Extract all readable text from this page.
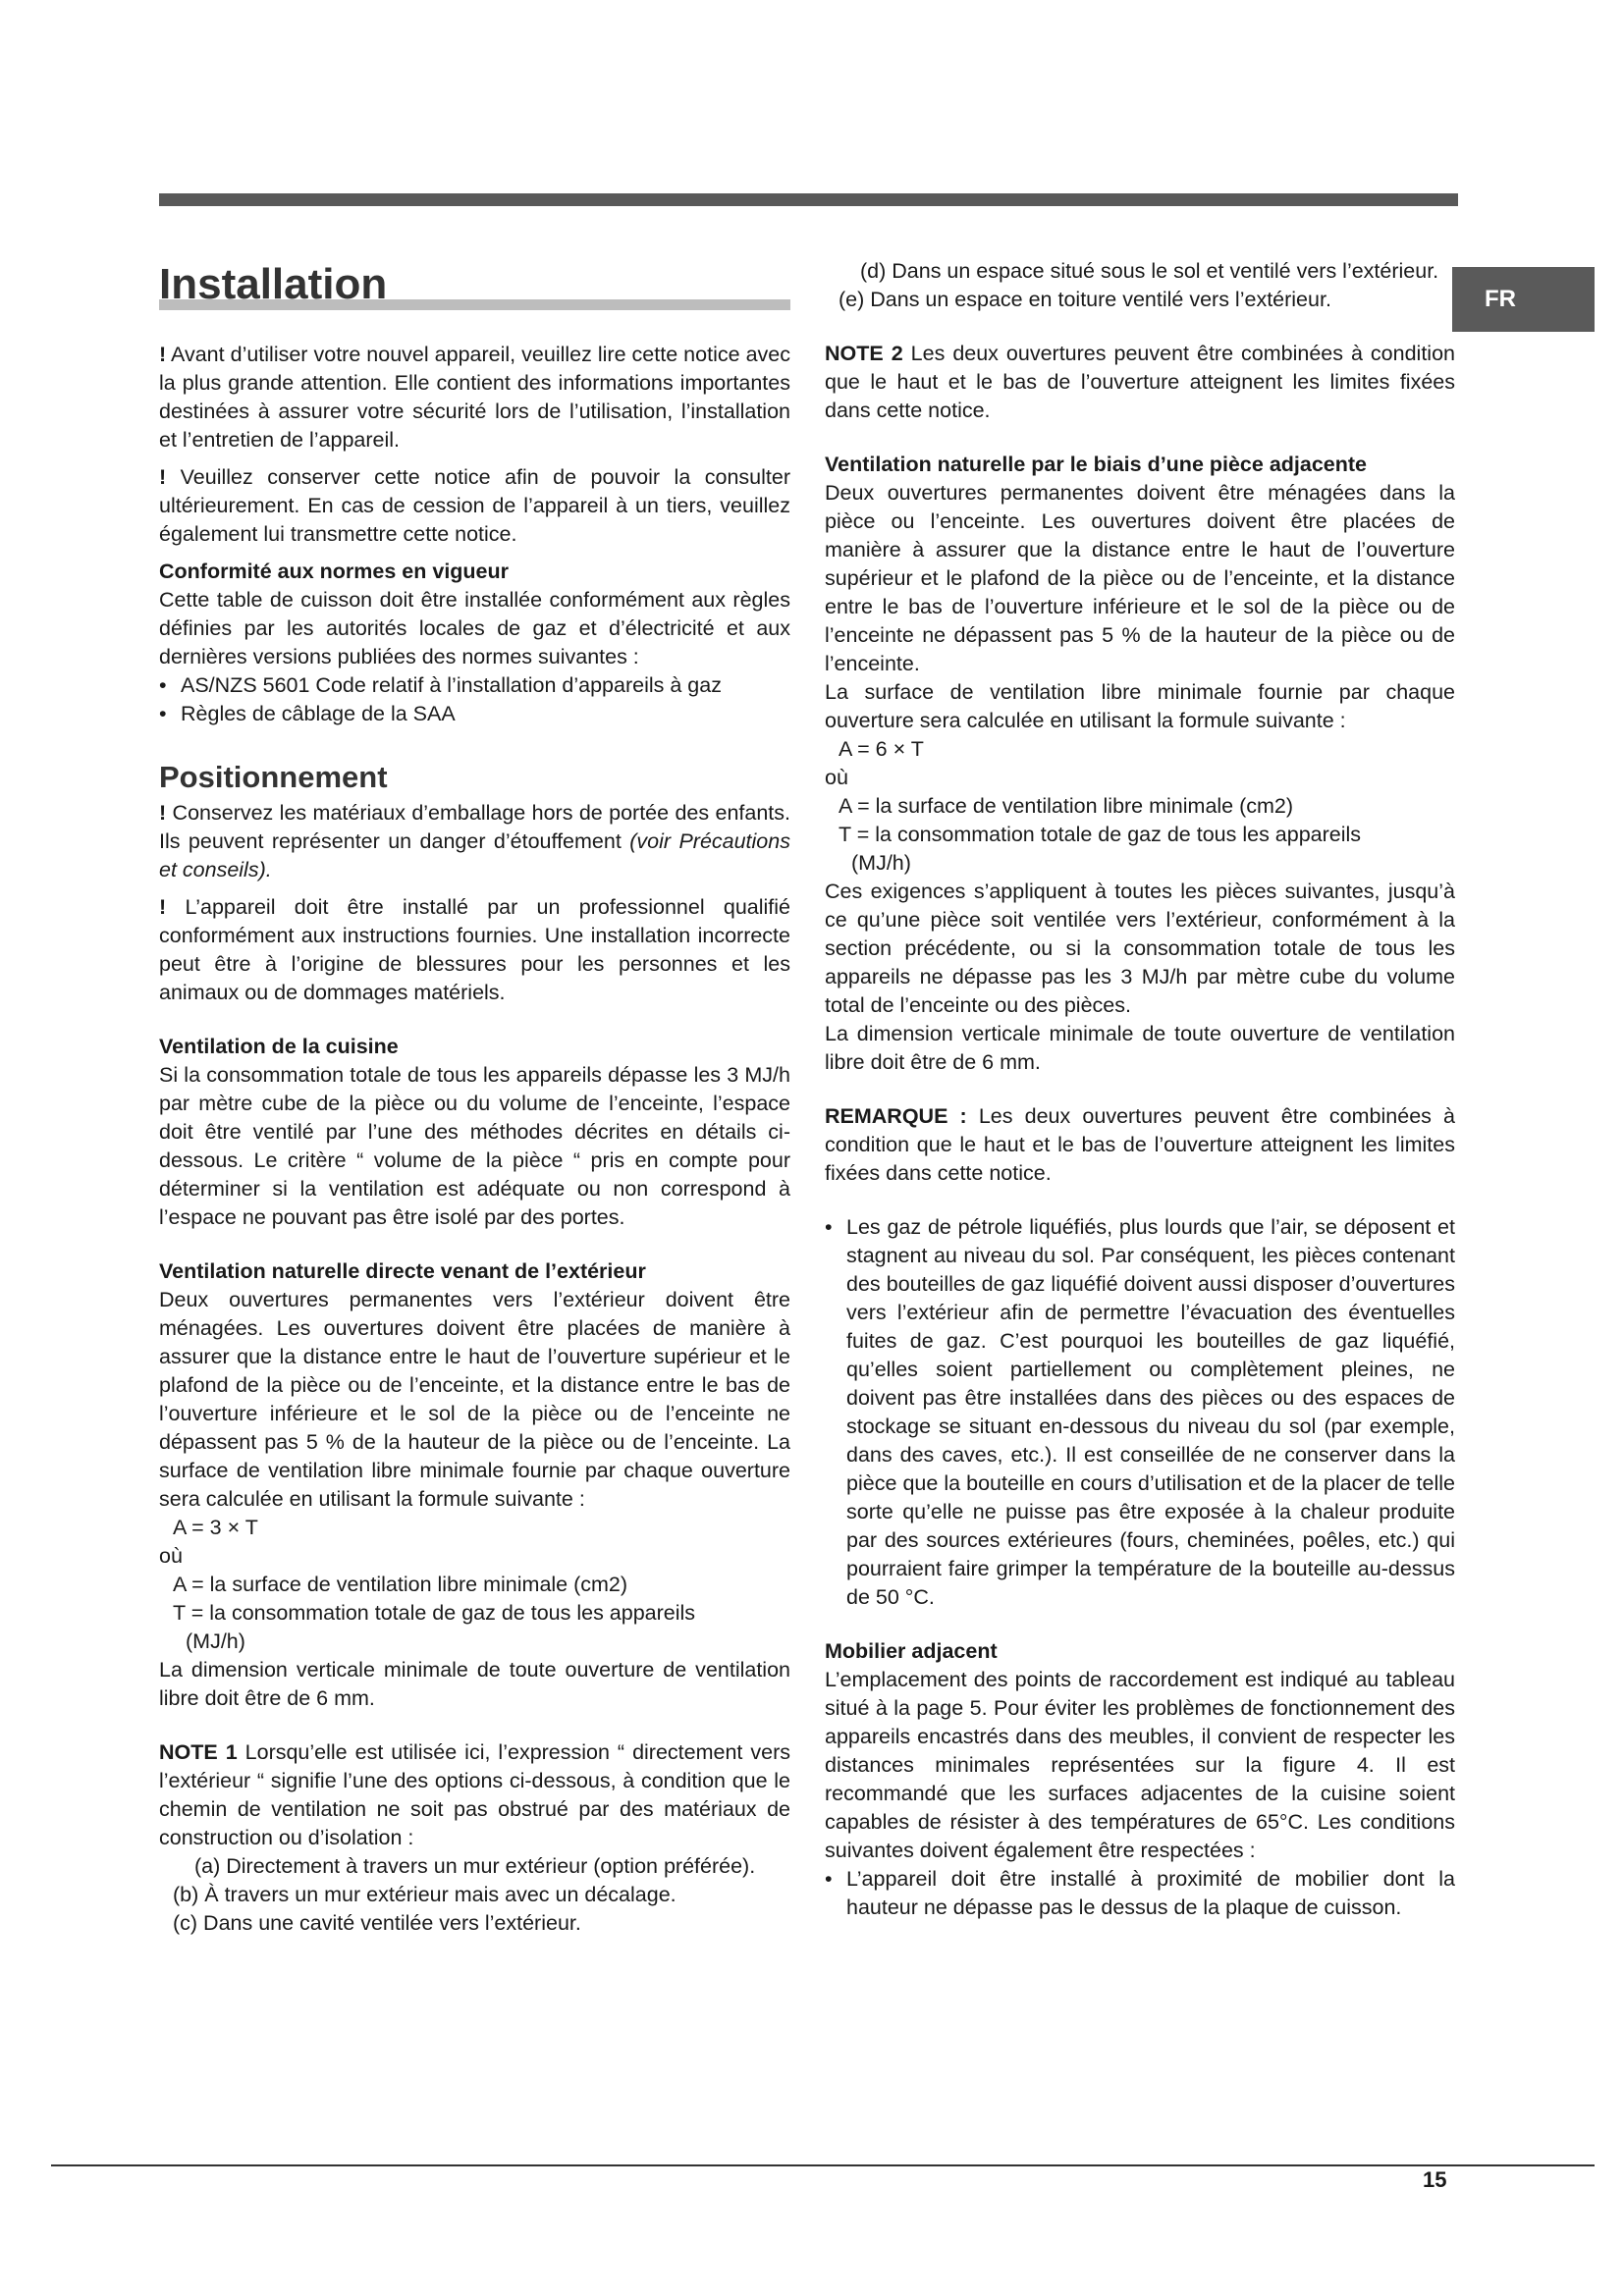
FR
Installation

! Avant d’utiliser votre nouvel appareil, veuillez lire cette notice avec la plus grande attention. Elle contient des informations importantes destinées à assurer votre sécurité lors de l’utilisation, l’installation et l’entretien de l’appareil.

! Veuillez conserver cette notice afin de pouvoir la consulter ultérieurement. En cas de cession de l’appareil à un tiers, veuillez également lui transmettre cette notice.

Conformité aux normes en vigueur

Cette table de cuisson doit être installée conformément aux règles définies par les autorités locales de gaz et d’électricité et aux dernières versions publiées des normes suivantes :

• AS/NZS 5601 Code relatif à l’installation d’appareils à gaz

• Règles de câblage de la SAA

Positionnement

! Conservez les matériaux d’emballage hors de portée des enfants. Ils peuvent représenter un danger d’étouffement (voir Précautions et conseils).

! L’appareil doit être installé par un professionnel qualifié conformément aux instructions fournies. Une installation incorrecte peut être à l’origine de blessures pour les personnes et les animaux ou de dommages matériels.

Ventilation de la cuisine

Si la consommation totale de tous les appareils dépasse les 3 MJ/h par mètre cube de la pièce ou du volume de l’enceinte, l’espace doit être ventilé par l’une des méthodes décrites en détails ci-dessous. Le critère “ volume de la pièce “ pris en compte pour déterminer si la ventilation est adéquate ou non correspond à l’espace ne pouvant pas être isolé par des portes.

Ventilation naturelle directe venant de l’extérieur

Deux ouvertures permanentes vers l’extérieur doivent être ménagées. Les ouvertures doivent être placées de manière à assurer que la distance entre le haut de l’ouverture supérieur et le plafond de la pièce ou de l’enceinte, et la distance entre le bas de l’ouverture inférieure et le sol de la pièce ou de l’enceinte ne dépassent pas 5 % de la hauteur de la pièce ou de l’enceinte. La surface de ventilation libre minimale fournie par chaque ouverture sera calculée en utilisant la formule suivante :

A = 3 × T

où

A = la surface de ventilation libre minimale (cm2)

T = la consommation totale de gaz de tous les appareils

(MJ/h)

La dimension verticale minimale de toute ouverture de ventilation libre doit être de 6 mm.

NOTE 1 Lorsqu’elle est utilisée ici, l’expression “ directement vers l’extérieur “ signifie l’une des options ci-dessous, à condition que le chemin de ventilation ne soit pas obstrué par des matériaux de construction ou d’isolation :

(a) Directement à travers un mur extérieur (option préférée).

(b) À travers un mur extérieur mais avec un décalage.

(c) Dans une cavité ventilée vers l’extérieur.

(d) Dans un espace situé sous le sol et ventilé vers l’extérieur.

(e) Dans un espace en toiture ventilé vers l’extérieur.

NOTE 2 Les deux ouvertures peuvent être combinées à condition que le haut et le bas de l’ouverture atteignent les limites fixées dans cette notice.

Ventilation naturelle par le biais d’une pièce adjacente

Deux ouvertures permanentes doivent être ménagées dans la pièce ou l’enceinte. Les ouvertures doivent être placées de manière à assurer que la distance entre le haut de l’ouverture supérieur et le plafond de la pièce ou de l’enceinte, et la distance entre le bas de l’ouverture inférieure et le sol de la pièce ou de l’enceinte ne dépassent pas 5 % de la hauteur de la pièce ou de l’enceinte.

La surface de ventilation libre minimale fournie par chaque ouverture sera calculée en utilisant la formule suivante :

A = 6 × T

où

A = la surface de ventilation libre minimale (cm2)

T = la consommation totale de gaz de tous les appareils

(MJ/h)

Ces exigences s’appliquent à toutes les pièces suivantes, jusqu’à ce qu’une pièce soit ventilée vers l’extérieur, conformément à la section précédente, ou si la consommation totale de tous les appareils ne dépasse pas les 3 MJ/h par mètre cube du volume total de l’enceinte ou des pièces.

La dimension verticale minimale de toute ouverture de ventilation libre doit être de 6 mm.

REMARQUE : Les deux ouvertures peuvent être combinées à condition que le haut et le bas de l’ouverture atteignent les limites fixées dans cette notice.

• Les gaz de pétrole liquéfiés, plus lourds que l’air, se déposent et stagnent au niveau du sol. Par conséquent, les pièces contenant des bouteilles de gaz liquéfié doivent aussi disposer d’ouvertures vers l’extérieur afin de permettre l’évacuation des éventuelles fuites de gaz. C’est pourquoi les bouteilles de gaz liquéfié, qu’elles soient partiellement ou complètement pleines, ne doivent pas être installées dans des pièces ou des espaces de stockage se situant en-dessous du niveau du sol (par exemple, dans des caves, etc.). Il est conseillée de ne conserver dans la pièce que la bouteille en cours d’utilisation et de la placer de telle sorte qu’elle ne puisse pas être exposée à la chaleur produite par des sources extérieures (fours, cheminées, poêles, etc.) qui pourraient faire grimper la température de la bouteille au-dessus de 50 °C.

Mobilier adjacent

L’emplacement des points de raccordement est indiqué au tableau situé à la page 5. Pour éviter les problèmes de fonctionnement des appareils encastrés dans des meubles, il convient de respecter les distances minimales représentées sur la figure 4. Il est recommandé que les surfaces adjacentes de la cuisine soient capables de résister à des températures de 65°C. Les conditions suivantes doivent également être respectées :

• L’appareil doit être installé à proximité de mobilier dont la hauteur ne dépasse pas le dessus de la plaque de cuisson.

15
